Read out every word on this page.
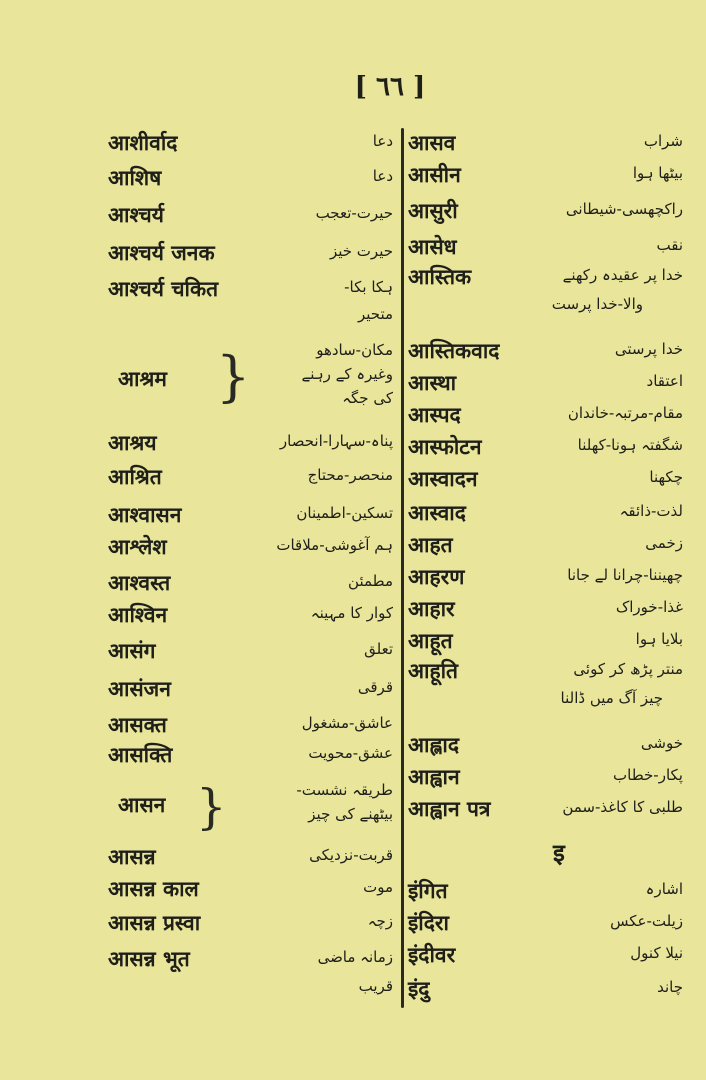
[ ٦٦ ]
आशीर्वाद	دعا
आशिष	دعا
आश्चर्य	حیرت-تعجب
आश्चर्य जनक	حیرت خیز
आश्चर्य चकित	ہکا بکا-
متحیر
आश्रम }	مکان-سادھو
وغیرہ کے رہنے
کی جگہ
आश्रय	پناہ-سہارا-انحصار
आश्रित	منحصر-محتاج
आश्वासन	تسکین-اطمینان
आश्लेश	ہم آغوشی-ملاقات
आश्वस्त	مطمئن
आश्विन	کوار کا مہینہ
आसंग	تعلق
आसंजन	قرقی
आसक्त	عاشق-مشغول
आसक्ति	عشق-محویت
आसन }	طریقہ نشست-
بیٹھنے کی چیز
आसन्न	قربت-نزدیکی
आसन्न काल	موت
आसन्न प्रस्वा	زچہ
आसन्न भूत	زمانہ ماضی
قریب
आसव	شراب
आसीन	بیٹھا ہوا
आसुरी	راکچھسی-شیطانی
आसेध	نقب
आस्तिक	خدا پر عقیدہ رکھنے
والا-خدا پرست
आस्तिकवाद	خدا پرستی
आस्था	اعتقاد
आस्पद	مقام-مرتبہ-خاندان
आस्फोटन	شگفتہ ہونا-کھلنا
आस्वादन	چکھنا
आस्वाद	لذت-ذائقہ
आहत	زخمی
आहरण	چھیننا-چرانا لے جانا
आहार	غذا-خوراک
आहूत	بلایا ہوا
आहूति	منتر پڑھ کر کوئی
چیز آگ میں ڈالنا
आह्लाद	خوشی
आह्वान	پکار-خطاب
आह्वान पत्र	طلبی کا کاغذ-سمن
इंगित	اشارہ
इंदिरा	زیلت-عکس
इंदीवर	نیلا کنول
इंदु	چاند
इ
